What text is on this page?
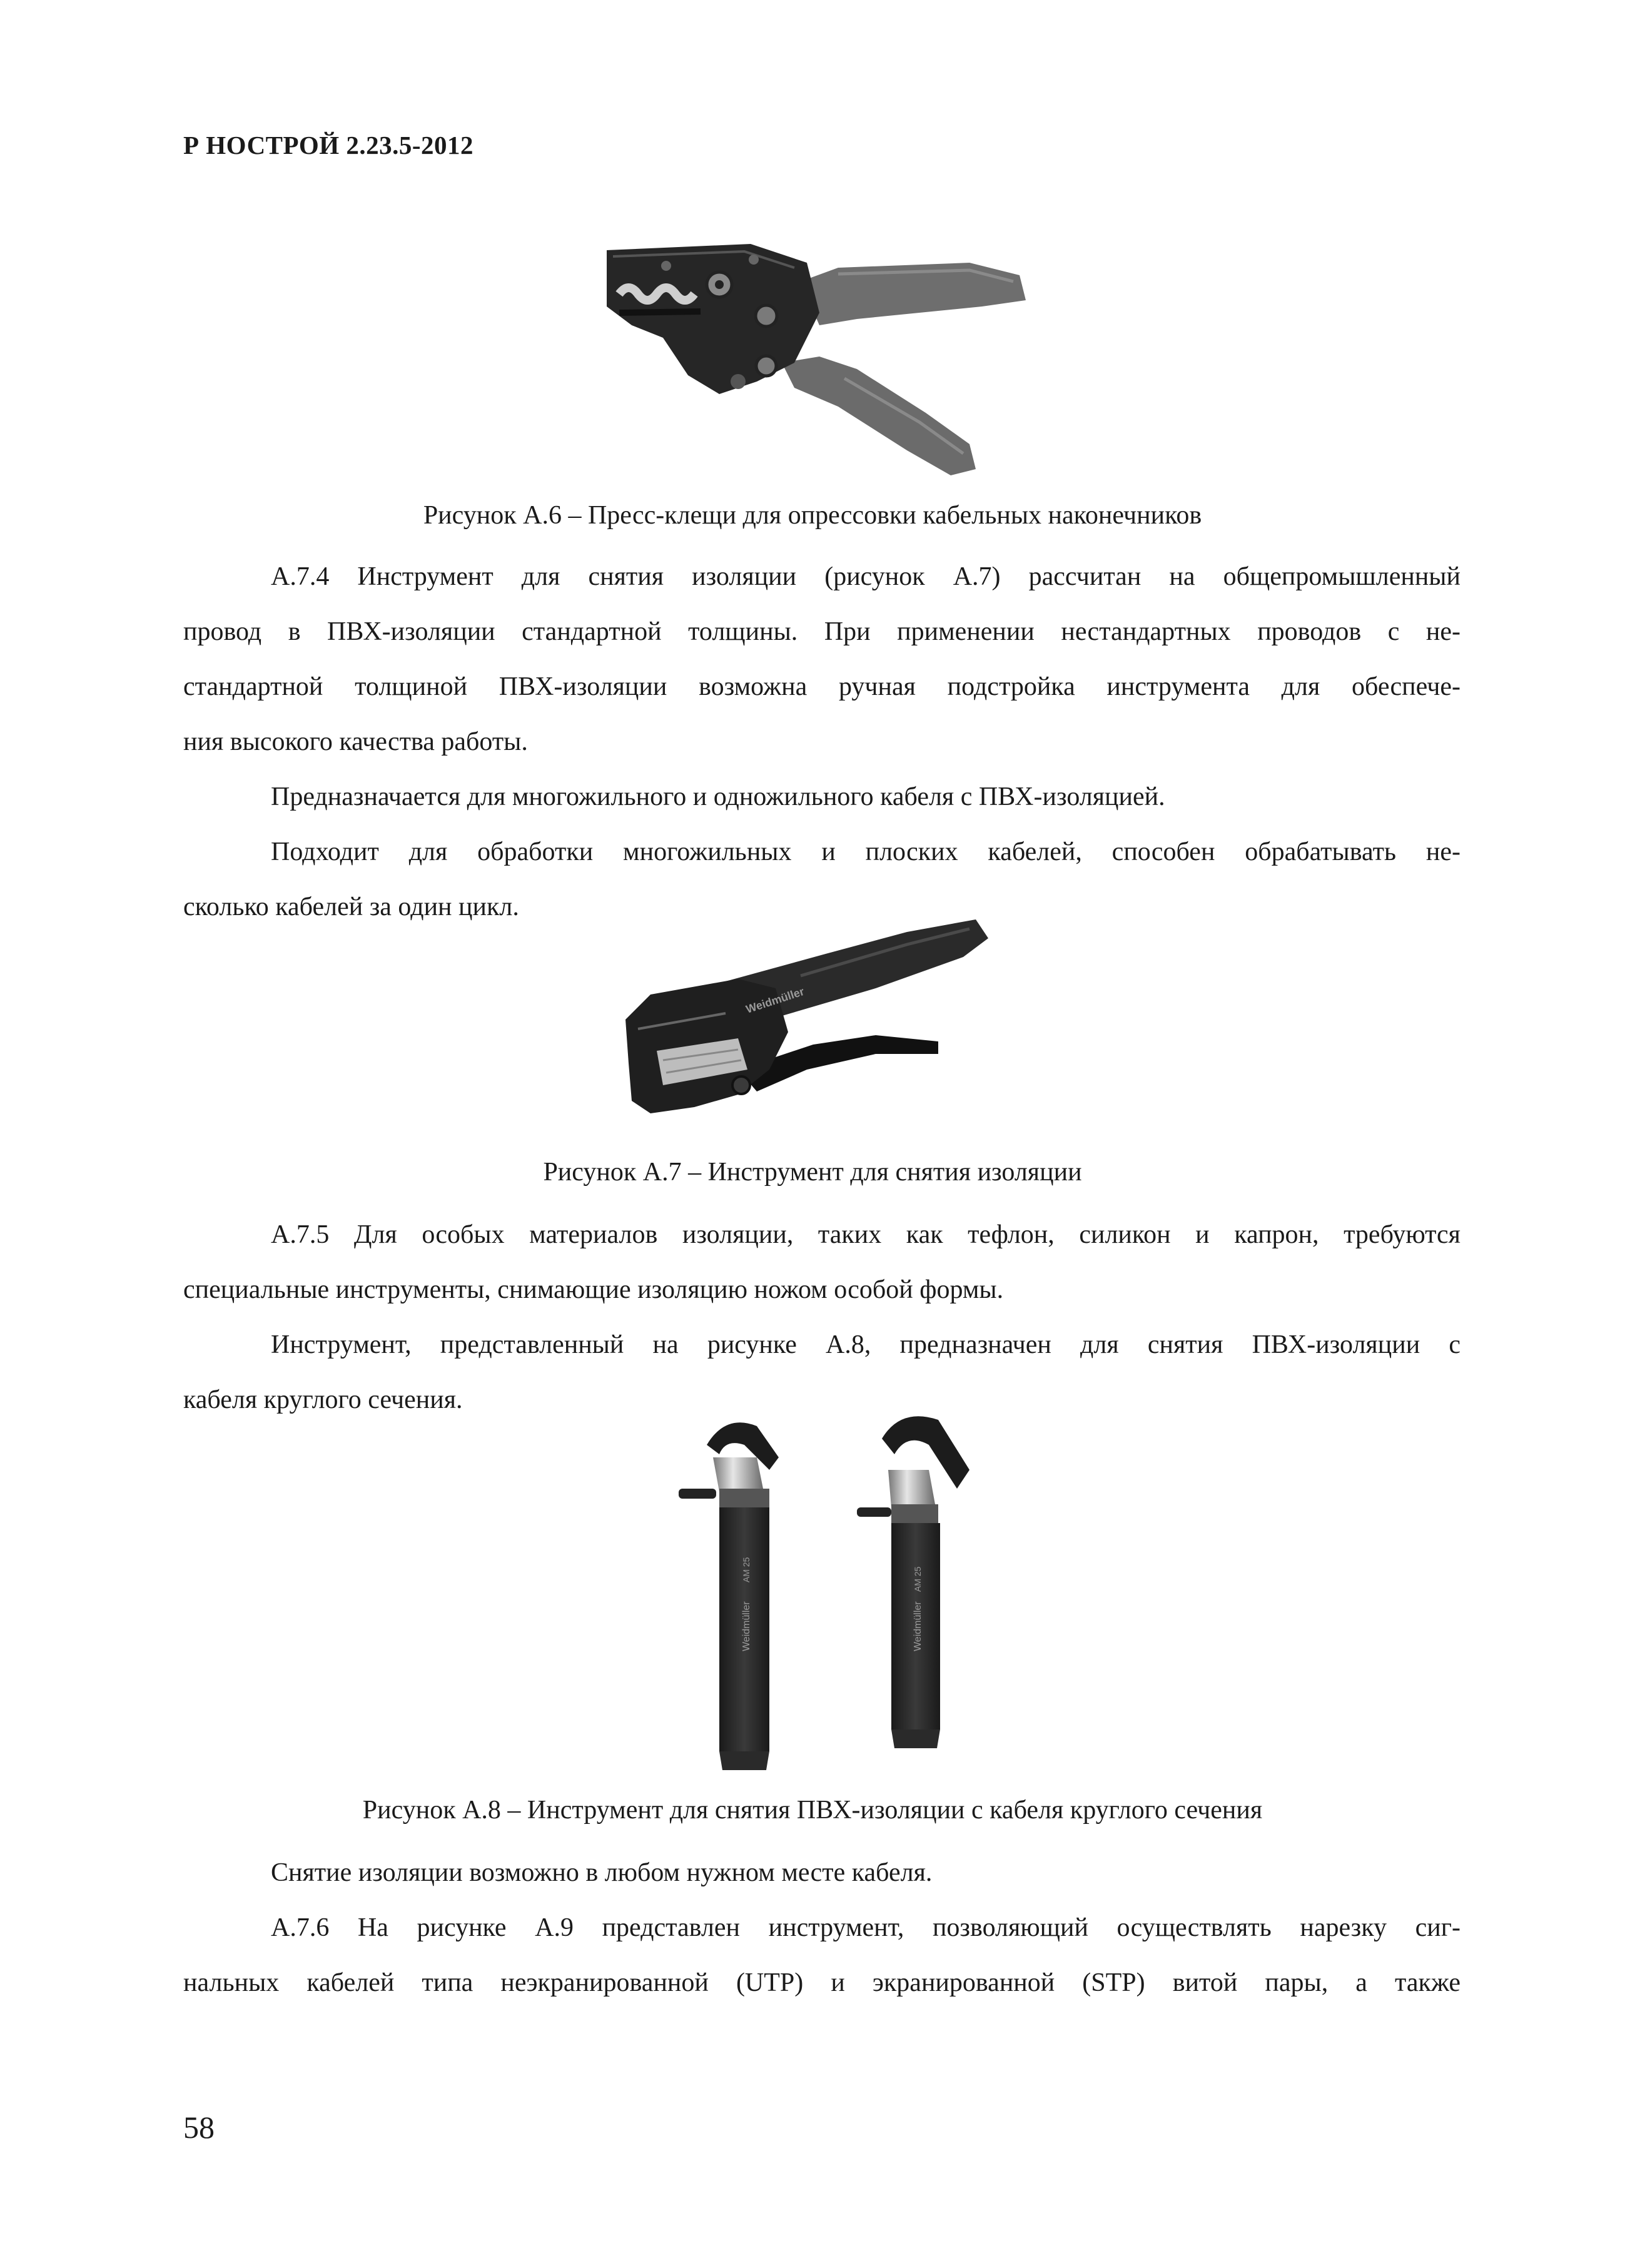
Р НОСТРОЙ 2.23.5-2012
Рисунок А.6 – Пресс-клещи для опрессовки кабельных наконечников

А.7.4 Инструмент для снятия изоляции (рисунок А.7) рассчитан на общепромышленный

провод в ПВХ-изоляции стандартной толщины. При применении нестандартных проводов с не-

стандартной толщиной ПВХ-изоляции возможна ручная подстройка инструмента для обеспече-

ния высокого качества работы.

Предназначается для многожильного и одножильного кабеля с ПВХ-изоляцией.

Подходит для обработки многожильных и плоских кабелей, способен обрабатывать не-

сколько кабелей за один цикл.

Weidmüller
Рисунок А.7 – Инструмент для снятия изоляции

А.7.5 Для особых материалов изоляции, таких как тефлон, силикон и капрон, требуются

специальные инструменты, снимающие изоляцию ножом особой формы.

Инструмент, представленный на рисунке А.8, предназначен для снятия ПВХ-изоляции с

кабеля круглого сечения.

Weidmüller
AM 25
Weidmüller
AM 25
Рисунок А.8 – Инструмент для снятия ПВХ-изоляции с кабеля круглого сечения

Снятие изоляции возможно в любом нужном месте кабеля.

А.7.6 На рисунке А.9 представлен инструмент, позволяющий осуществлять нарезку сиг-

нальных кабелей типа неэкранированной (UTP) и экранированной (STP) витой пары, а также

58
